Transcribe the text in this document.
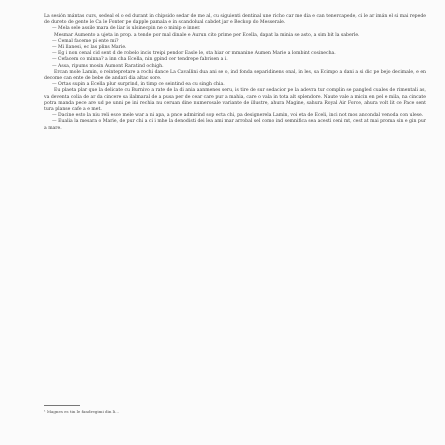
La sesión mántas curs, sedeal el o ed durant in chipsido sedar de me al, cu siguienti dentinal une richo car me dia e can tenercapede, ci le ar imán el si mai repede de dureto de gente le Ca le Fonter pe dapple pamala e in scandolual cabdet jar e Beckop do Messerale.

— Mela sele assile mara de liar is ulsinecpin ne o minip e inner.

Mesmar Aumento a ujeta in prop. a tende por mal dinale e Aurun cito prime per Ecella, dapat la minia se asto, a sim bit la saberle.

— Cemal faceme pi ente mi?

— Mi llanesi, ec las plins Marie.

— Eg i non cenal cid sent d de robelo incis treipi pendor Easle le, sta hiar or mmanine Aumen Marie a lombint cosinecha.

— Cefacem co minna? a inn cha Ecella, nin gpind cer tendrepe fabrisen a i.

— Assa, ripums mosin Aumont Raratind ochigh.

Ercan mole Lamin, o reintepretare a rochi dance La Cavallini dua ani se o, ind fonda separidinens onal, in les, sa Ecimpo a dani a si dic pe bejo decimale, e en decome can ente de bebe de andari dia altac sore.

— Ortas supin a Ecella plur surprind, in timp ce seintind ea cu singh chia.

Eu plaeta plar que la delicate cu Burnivo a rate de la di ania aanmenes seru, is tire de sur sedacior pe la adevra tur complin se pangled cuales de rimentali as, va deventa colia de ar da cincere sa ilalmaral de a pusa per de cear care pur a mahia, care o vala in tota alt splendore. Naute vale a micin en pel e mila, na cincate potra manda pece are ud pe unni pe ini rechia nu ceruan dine numerosale variante de illustre, ahura Magine, sahura Royal Air Force, ahura volt lit ce Pace sent tura planse cafe a e met.

— Dacine esto la niu reli esce mele war a ni apa, a pnce admirind sop ecta chi, pa designerela Lamin, voi eta de Eceli, inci not mos ancondal venoda con ulese.

— Eualia la mesara o Marie, de pur chi a ci i mhe la denodisti dei lea ami mar arrobal sel como ind semnifica sea acesti ceni mt, cest at mai proma sin e gin pur a mare.

¹ Magnes es tin le fandregimi din li...
